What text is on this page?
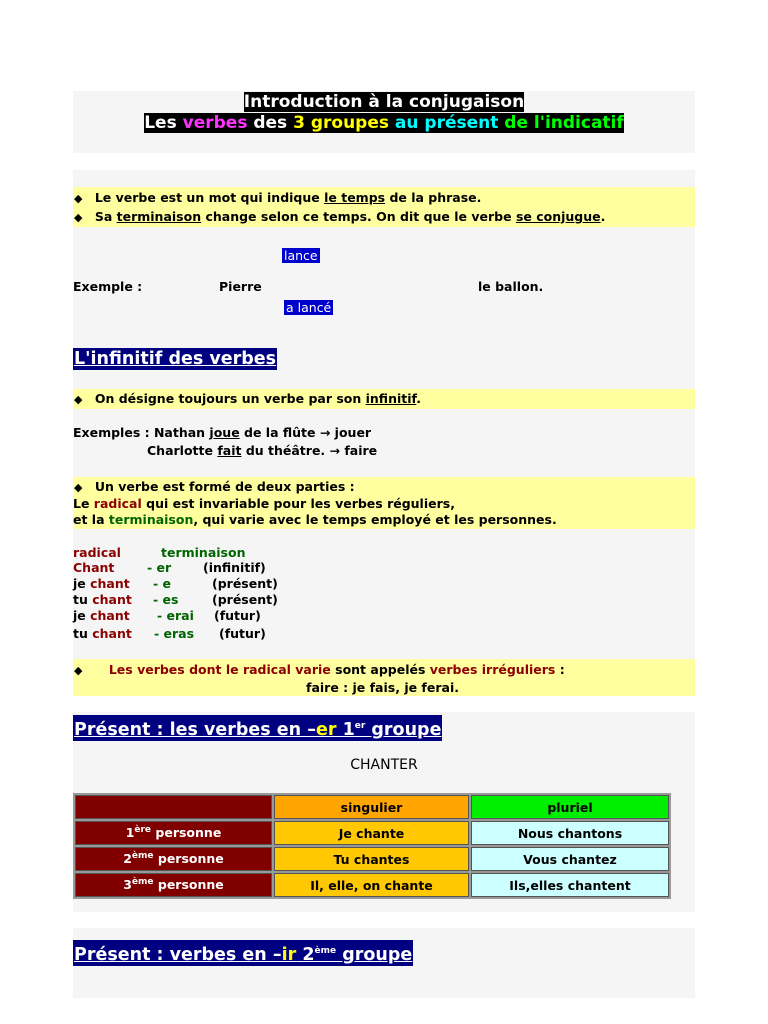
Introduction à la conjugaison
Les verbes des 3 groupes au présent de l'indicatif
◆ Le verbe est un mot qui indique le temps de la phrase.
◆ Sa terminaison change selon ce temps. On dit que le verbe se conjugue.
lance
Exemple :	Pierre	le ballon.
a lancé
L'infinitif des verbes
◆ On désigne toujours un verbe par son infinitif.
Exemples : Nathan joue de la flûte → jouer
Charlotte fait du théâtre. → faire
◆ Un verbe est formé de deux parties :
Le radical qui est invariable pour les verbes réguliers,
et la terminaison, qui varie avec le temps employé et les personnes.
radical	terminaison
Chant	- er	(infinitif)
je chant - e	(présent)
tu chant - es	(présent)
je chant - erai (futur)
tu chant - eras (futur)
◆ Les verbes dont le radical varie sont appelés verbes irréguliers :
faire : je fais, je ferai.
Présent : les verbes en –er 1er groupe
CHANTER
	singulier	pluriel
1ère personne	Je chante	Nous chantons
2ème personne	Tu chantes	Vous chantez
3ème personne	Il, elle, on chante	Ils,elles chantent
Présent : verbes en –ir 2ème groupe
